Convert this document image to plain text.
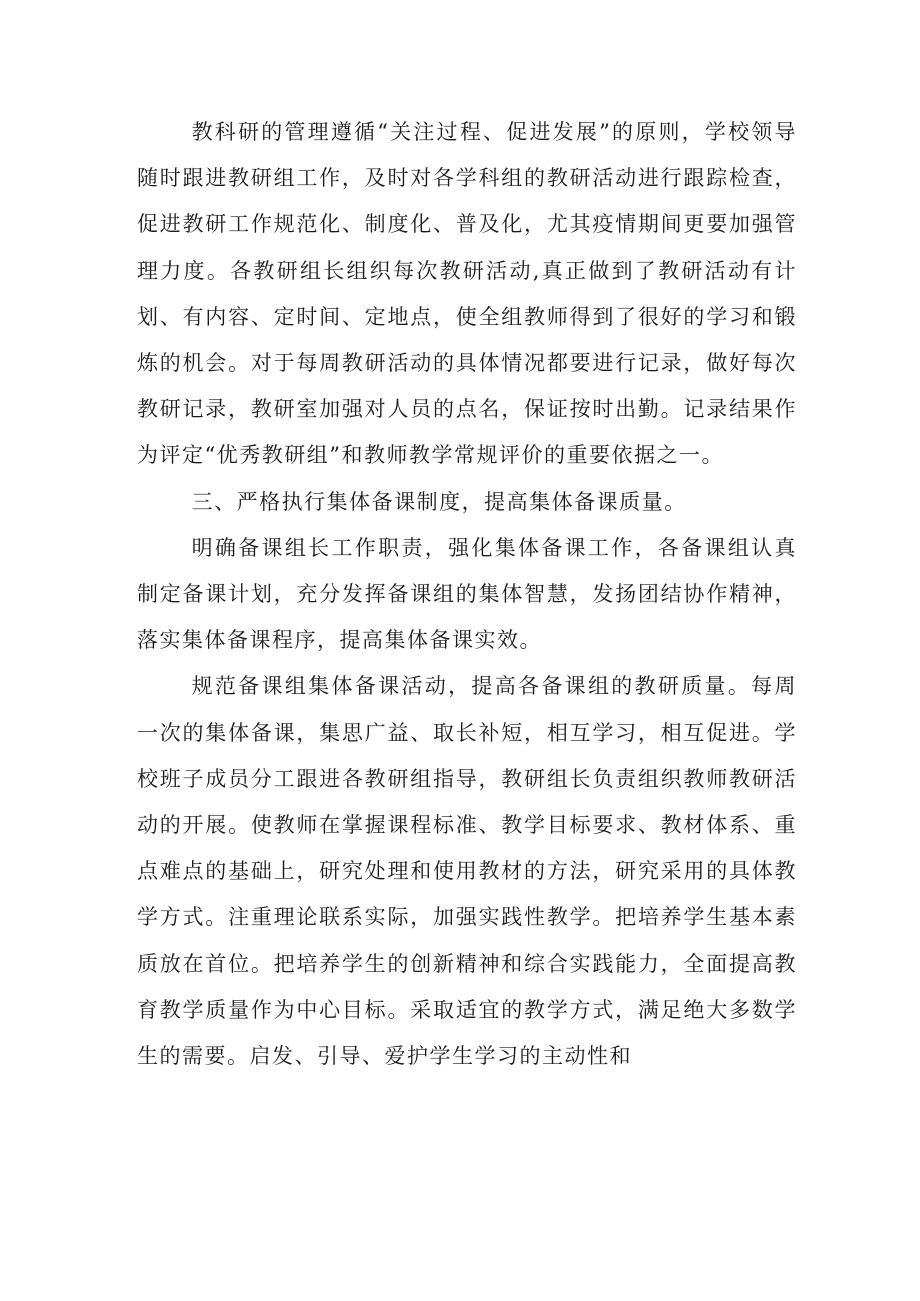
教科研的管理遵循“关注过程、促进发展”的原则，学校领导随时跟进教研组工作，及时对各学科组的教研活动进行跟踪检查，促进教研工作规范化、制度化、普及化，尤其疫情期间更要加强管理力度。各教研组长组织每次教研活动,真正做到了教研活动有计划、有内容、定时间、定地点，使全组教师得到了很好的学习和锻炼的机会。对于每周教研活动的具体情况都要进行记录，做好每次教研记录，教研室加强对人员的点名，保证按时出勤。记录结果作为评定“优秀教研组”和教师教学常规评价的重要依据之一。

三、严格执行集体备课制度，提高集体备课质量。

明确备课组长工作职责，强化集体备课工作，各备课组认真制定备课计划，充分发挥备课组的集体智慧，发扬团结协作精神，落实集体备课程序，提高集体备课实效。

规范备课组集体备课活动，提高各备课组的教研质量。每周一次的集体备课，集思广益、取长补短，相互学习，相互促进。学校班子成员分工跟进各教研组指导，教研组长负责组织教师教研活动的开展。使教师在掌握课程标准、教学目标要求、教材体系、重点难点的基础上，研究处理和使用教材的方法，研究采用的具体教学方式。注重理论联系实际，加强实践性教学。把培养学生基本素质放在首位。把培养学生的创新精神和综合实践能力，全面提高教育教学质量作为中心目标。采取适宜的教学方式，满足绝大多数学生的需要。启发、引导、爱护学生学习的主动性和
